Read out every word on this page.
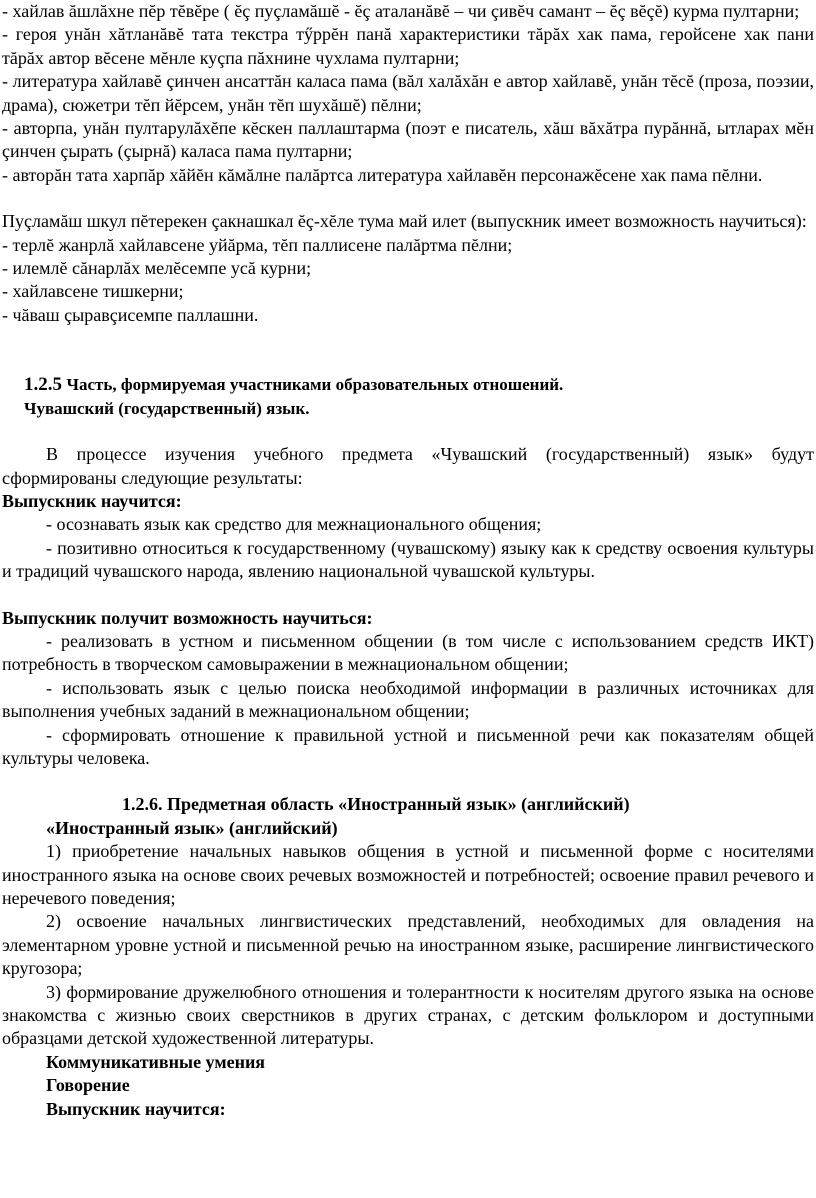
- хайлав ăшлăхне пĕр тĕвĕре ( ĕç пуçламăшĕ - ĕç аталанăвĕ – чи çивĕч самант – ĕç вĕçĕ) курма пултарни;

- героя унăн хăтланăвĕ тата текстра тӳррĕн панă характеристики тăрăх хак пама, геройсене хак пани тăрăх автор вĕсене мĕнле куçпа пăхнине чухлама пултарни;

- литература хайлавĕ çинчен ансаттăн калаcа пама (вăл халăхăн е автор хайлавĕ, унăн тĕсĕ (проза, поэзии, драма), сюжетри тĕп йĕрсем, унăн тĕп шухăшĕ) пĕлни;

- авторпа, унăн пултарулăхĕпе кĕскен паллаштарма (поэт е писатель, хăш вăхăтра пурăннă, ытларах мĕн çинчен çырать (çырнă) калаcа пама пултарни;

- авторăн тата харпăр хăйĕн кăмăлне палăртса литература хайлавĕн персонажĕсене хак пама пĕлни.

Пуçламăш шкул пĕтерекен çакнашкал ĕç-хĕле тума май илет (выпускник имеет возможность научиться):

- терлĕ жанрлă хайлавсене уйăрма, тĕп паллисене палăртма пĕлни;

- илемлĕ сăнарлăх мелĕсемпе усă курни;

- хайлавсене тишкерни;

- чăваш çыравçисемпе паллашни.

1.2.5 Часть, формируемая участниками образовательных отношений.

Чувашский (государственный) язык.

В процессе изучения учебного предмета «Чувашский (государственный) язык» будут сформированы следующие результаты:

Выпускник научится:

- осознавать язык как средство для межнационального общения;

- позитивно относиться к государственному (чувашскому) языку как к средству освоения культуры и традиций чувашского народа, явлению национальной чувашской культуры.

Выпускник получит возможность научиться:

- реализовать в устном и письменном общении (в том числе с использованием средств ИКТ) потребность в творческом самовыражении в межнациональном общении;

- использовать язык с целью поиска необходимой информации в различных источниках для выполнения учебных заданий в межнациональном общении;

- сформировать отношение к правильной устной и письменной речи как показателям общей культуры человека.

1.2.6. Предметная область «Иностранный язык» (английский)

«Иностранный язык» (английский)

1) приобретение начальных навыков общения в устной и письменной форме с носителями иностранного языка на основе своих речевых возможностей и потребностей; освоение правил речевого и неречевого поведения;

2) освоение начальных лингвистических представлений, необходимых для овладения на элементарном уровне устной и письменной речью на иностранном языке, расширение лингвистического кругозора;

3) формирование дружелюбного отношения и толерантности к носителям другого языка на основе знакомства с жизнью своих сверстников в других странах, с детским фольклором и доступными образцами детской художественной литературы.

Коммуникативные умения

Говорение

Выпускник научится:
